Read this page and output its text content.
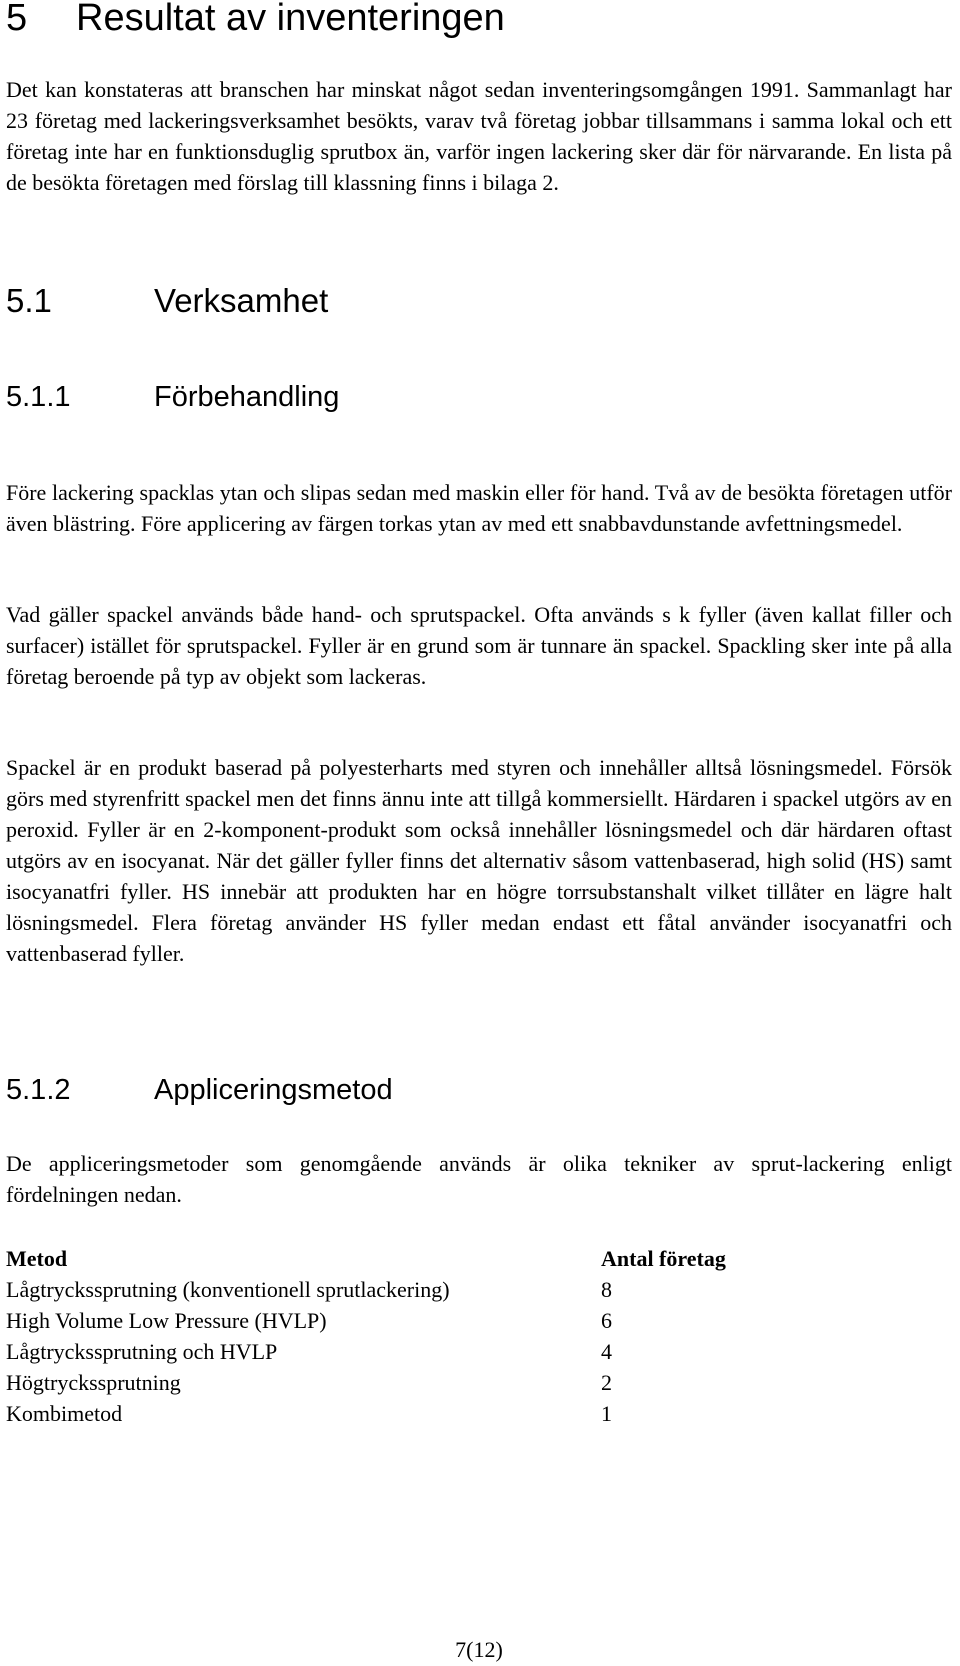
5 Resultat av inventeringen

Det kan konstateras att branschen har minskat något sedan inventeringsomgången 1991. Sammanlagt har 23 företag med lackeringsverksamhet besökts, varav två företag jobbar tillsammans i samma lokal och ett företag inte har en funktionsduglig sprutbox än, varför ingen lackering sker där för närvarande. En lista på de besökta företagen med förslag till klassning finns i bilaga 2.

5.1	Verksamhet
5.1.1	Förbehandling

Före lackering spacklas ytan och slipas sedan med maskin eller för hand. Två av de besökta företagen utför även blästring. Före applicering av färgen torkas ytan av med ett snabbavdunstande avfettningsmedel.

Vad gäller spackel används både hand- och sprutspackel. Ofta används s k fyller (även kallat filler och surfacer) istället för sprutspackel. Fyller är en grund som är tunnare än spackel. Spackling sker inte på alla företag beroende på typ av objekt som lackeras.

Spackel är en produkt baserad på polyesterharts med styren och innehåller alltså lösningsmedel. Försök görs med styrenfritt spackel men det finns ännu inte att tillgå kommersiellt. Härdaren i spackel utgörs av en peroxid. Fyller är en 2-komponent-produkt som också innehåller lösningsmedel och där härdaren oftast utgörs av en isocyanat. När det gäller fyller finns det alternativ såsom vattenbaserad, high solid (HS) samt isocyanatfri fyller. HS innebär att produkten har en högre torrsubstanshalt vilket tillåter en lägre halt lösningsmedel. Flera företag använder HS fyller medan endast ett fåtal använder isocyanatfri och vattenbaserad fyller.

5.1.2	Appliceringsmetod

De appliceringsmetoder som genomgående används är olika tekniker av sprut-lackering enligt fördelningen nedan.

Metod	Antal företag
Lågtryckssprutning (konventionell sprutlackering)	8
High Volume Low Pressure (HVLP)	6
Lågtryckssprutning och HVLP	4
Högtryckssprutning	2
Kombimetod	1
7(12)
